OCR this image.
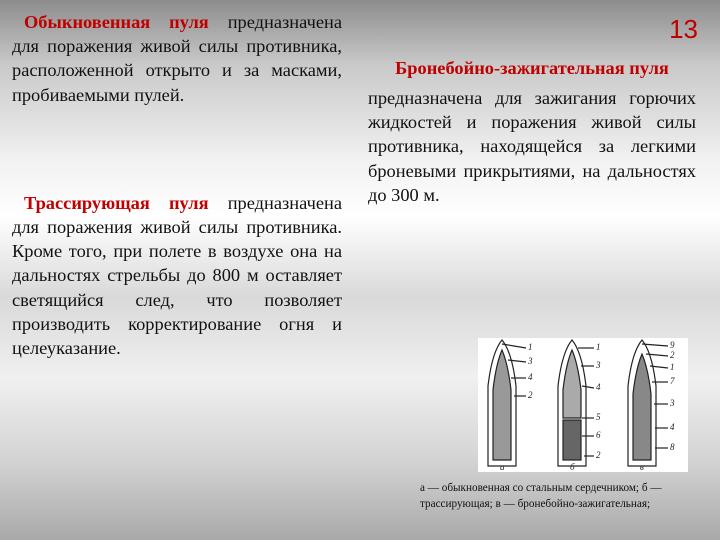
13
Обыкновенная пуля предназначена для поражения живой силы противника, расположенной открыто и за масками, пробиваемыми пулей.
Трассирующая пуля предназначена для поражения живой силы противника. Кроме того, при полете в воздухе она на дальностях стрельбы до 800 м оставляет светящийся след, что позволяет производить корректирование огня и целеуказание.
Бронебойно-зажигательная пуля
предназначена для зажигания горючих жидкостей и поражения живой силы противника, находящейся за легкими броневыми прикрытиями, на дальностях до 300 м.
1
3
4
2
1
3
4
5
6
2
9
2
1
7
3
4
8
а	б	в
а — обыкновенная со стальным сердечником; б — трассирующая; в — бронебойно-зажигательная;
